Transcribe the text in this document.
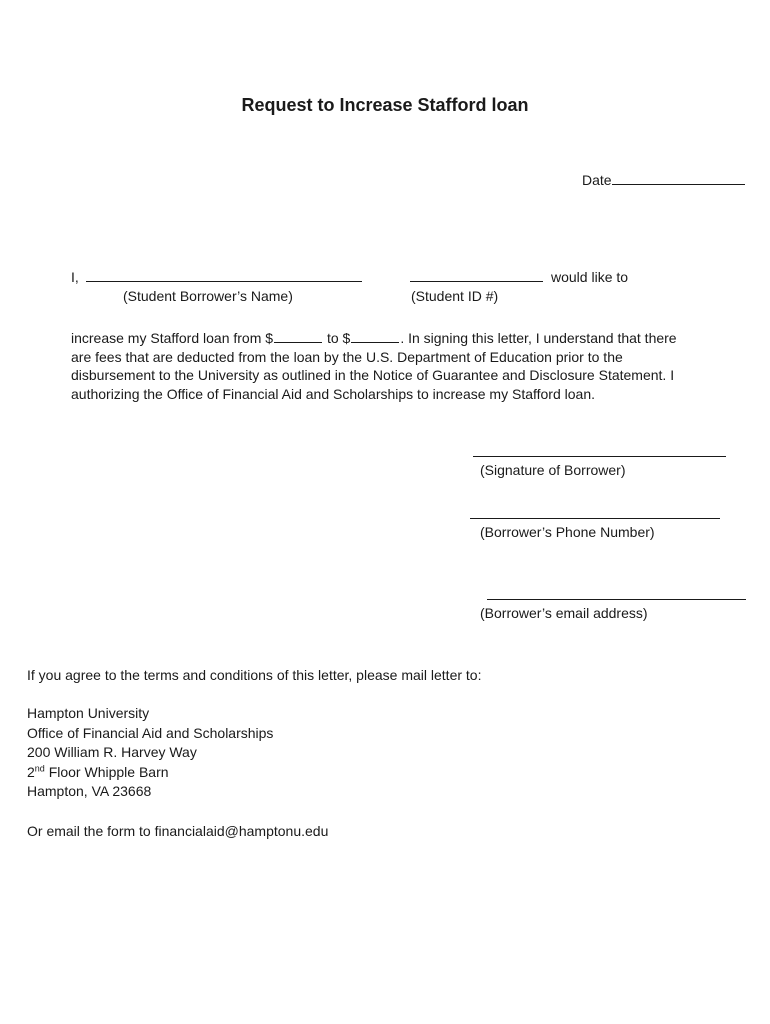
Request to Increase Stafford loan
Date
I,	would like to
(Student Borrower’s Name)	(Student ID #)
increase my Stafford loan from $	to $	. In signing this letter, I understand that there
are fees that are deducted from the loan by the U.S. Department of Education prior to the
disbursement to the University as outlined in the Notice of Guarantee and Disclosure Statement. I
authorizing the Office of Financial Aid and Scholarships to increase my Stafford loan.
(Signature of Borrower)
(Borrower’s Phone Number)
(Borrower’s email address)
If you agree to the terms and conditions of this letter, please mail letter to:
Hampton University
Office of Financial Aid and Scholarships
200 William R. Harvey Way
2nd Floor Whipple Barn
Hampton, VA 23668
Or email the form to financialaid@hamptonu.edu
